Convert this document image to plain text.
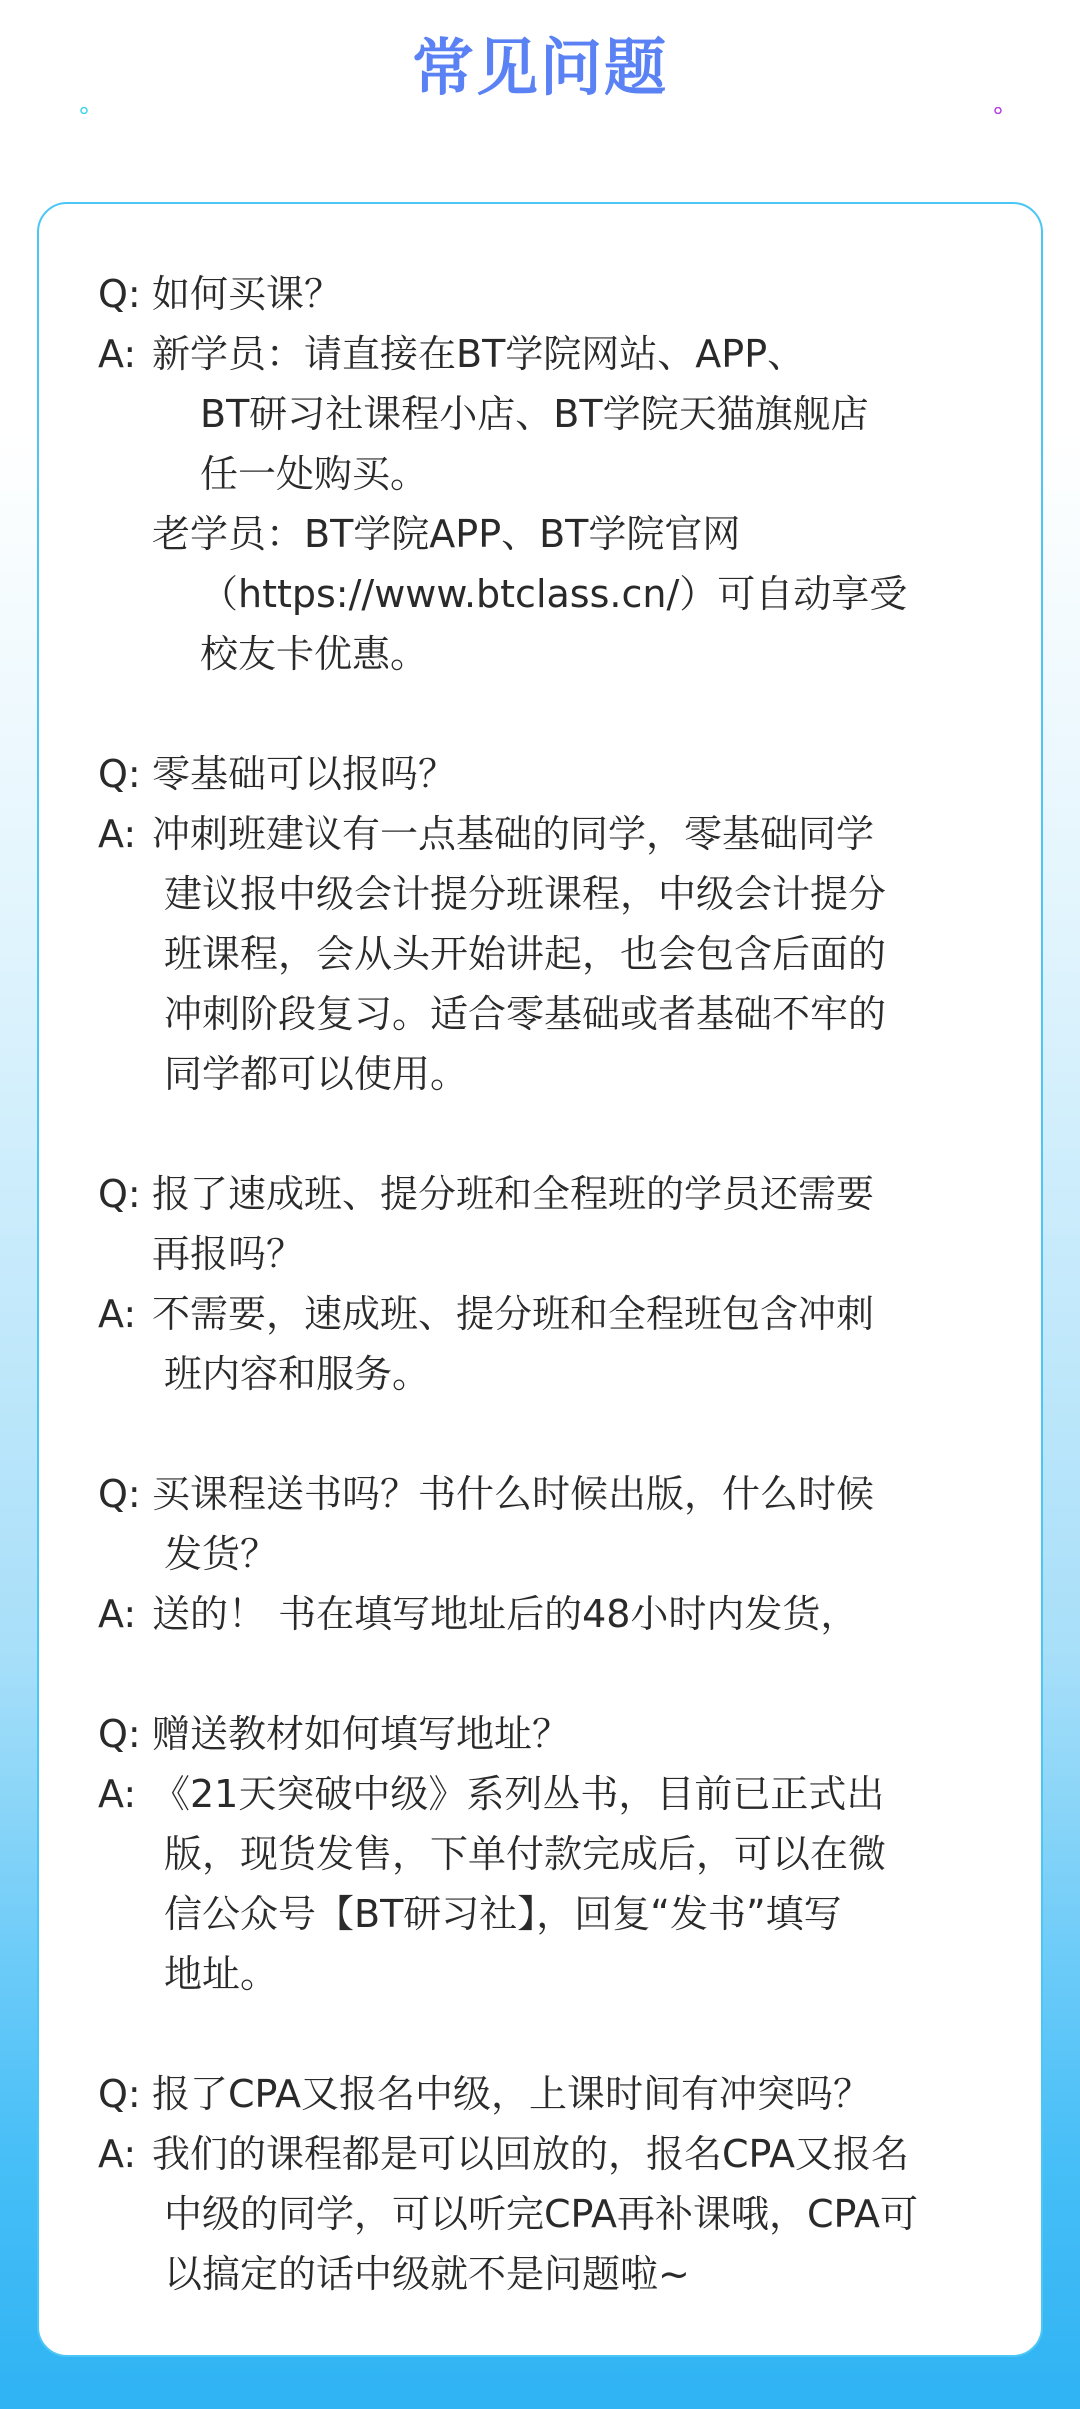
常见问题
Q: 如何买课？
A: 新学员：请直接在BT学院网站、APP、
BT研习社课程小店、BT学院天猫旗舰店
任一处购买。
老学员：BT学院APP、BT学院官网
（https://www.btclass.cn/）可自动享受
校友卡优惠。
Q: 零基础可以报吗？
A: 冲刺班建议有一点基础的同学，零基础同学
建议报中级会计提分班课程，中级会计提分
班课程，会从头开始讲起，也会包含后面的
冲刺阶段复习。适合零基础或者基础不牢的
同学都可以使用。
Q: 报了速成班、提分班和全程班的学员还需要
再报吗？
A: 不需要，速成班、提分班和全程班包含冲刺
班内容和服务。
Q: 买课程送书吗？书什么时候出版，什么时候
发货？
A: 送的！ 书在填写地址后的48小时内发货，
Q: 赠送教材如何填写地址？
A: 《21天突破中级》系列丛书，目前已正式出
版，现货发售，下单付款完成后，可以在微
信公众号【BT研习社】，回复“发书”填写
地址。
Q: 报了CPA又报名中级，上课时间有冲突吗？
A: 我们的课程都是可以回放的，报名CPA又报名
中级的同学，可以听完CPA再补课哦，CPA可
以搞定的话中级就不是问题啦~
